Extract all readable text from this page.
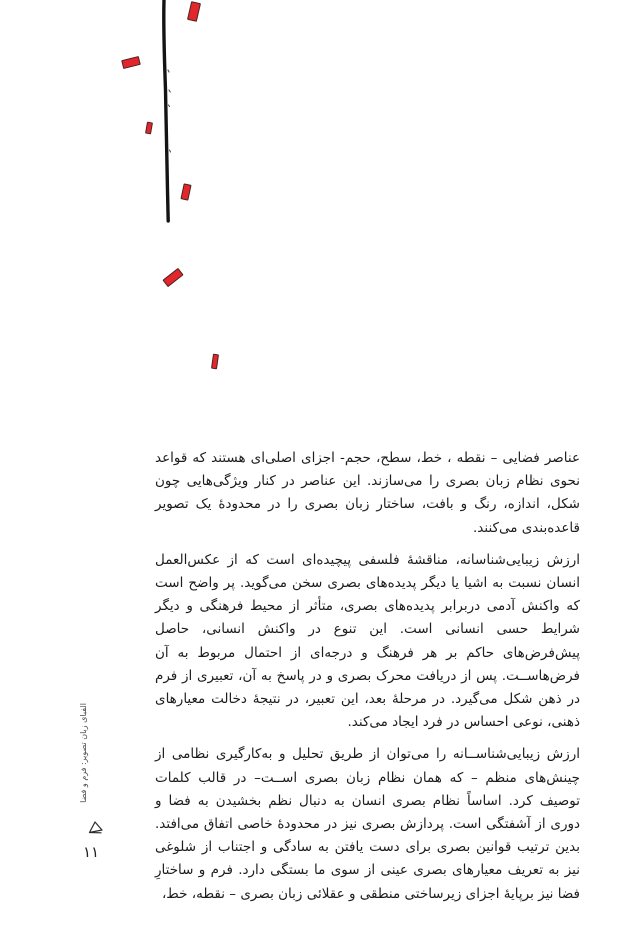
عناصر فضایی – نقطه ، خط، سطح، حجم- اجزای اصلی‌ای هستند که قواعد نحوی نظام زبان بصری را می‌سازند. این عناصر در کنار ویژگی‌هایی چون شکل، اندازه، رنگ و بافت، ساختار زبان بصری را در محدودهٔ یک تصویر قاعده‌بندی می‌کنند.

ارزش زیبایی‌شناسانه، مناقشهٔ فلسفی پیچیده‌ای است که از عکس‌العمل انسان نسبت به اشیا یا دیگر پدیده‌های بصری سخن می‌گوید. پر واضح است که واکنش آدمی دربرابر پدیده‌های بصری، متأثر از محیط فرهنگی و دیگر شرایط حسی انسانی است. این تنوع در واکنش انسانی، حاصل پیش‌فرض‌های حاکم بر هر فرهنگ و درجه‌ای از احتمال مربوط به آن فرض‌هاســت. پس از دریافت محرک بصری و در پاسخ به آن، تعبیری از فرم در ذهن شکل می‌گیرد. در مرحلهٔ بعد، این تعبیر، در نتیجهٔ دخالت معیارهای ذهنی، نوعی احساس در فرد ایجاد می‌کند.

ارزش زیبایی‌شناســانه را می‌توان از طریق تحلیل و به‌کارگیری نظامی از چینش‌های منظم – که همان نظام زبان بصری اســت– در قالب کلمات توصیف کرد. اساساً نظام بصری انسان به دنبال نظم بخشیدن به فضا و دوری از آشفتگی است. پردازش بصری نیز در محدودهٔ خاصی اتفاق می‌افتد. بدین ترتیب قوانین بصری برای دست یافتن به سادگی و اجتناب از شلوغی نیز به تعریف معیارهای بصری عینی از سوی ما بستگی دارد. فرم و ساختارِ فضا نیز برپایهٔ اجزای زیرساختی منطقی و عقلائی زبان بصری – نقطه، خط،

الفبای زبان تصویر: فرم و فضا
۱۱
